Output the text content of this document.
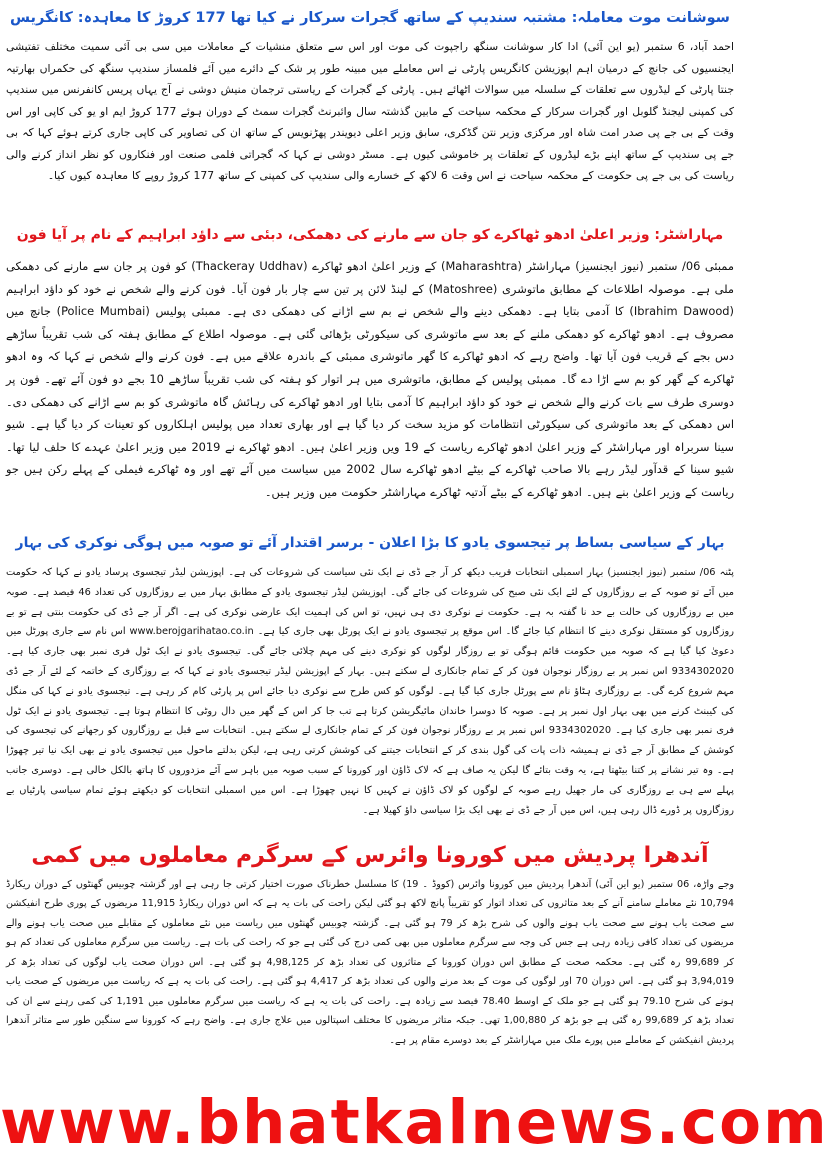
سوشانت موت معاملہ: مشتبہ سندیپ کے ساتھ گجرات سرکار نے کیا تھا 177 کروڑ کا معاہدہ: کانگریس

احمد آباد، 6 ستمبر (یو این آئی) ادا کار سوشانت سنگھ راجپوت کی موت اور اس سے متعلق منشیات کے معاملات میں سی بی آئی سمیت مختلف تفتیشی ایجنسیوں کی جانچ کے درمیان اہم اپوزیشن کانگریس پارٹی نے اس معاملے میں مبینہ طور پر شک کے دائرے میں آئے فلمساز سندیپ سنگھ کی حکمراں بھارتیہ جنتا پارٹی کے لیڈروں سے تعلقات کے سلسلہ میں سوالات اٹھائے ہیں۔ پارٹی کے گجرات کے ریاستی ترجمان منیش دوشی نے آج یہاں پریس کانفرنس میں سندیپ کی کمپنی لیجنڈ گلوبل اور گجرات سرکار کے محکمہ سیاحت کے مابین گذشتہ سال وائبرنٹ گجرات سمٹ کے دوران ہوئے 177 کروڑ ایم او یو کی کاپی اور اس وقت کے بی جے پی صدر امت شاہ اور مرکزی وزیر نتن گڈکری، سابق وزیر اعلی دیویندر پھڑنویس کے ساتھ ان کی تصاویر کی کاپی جاری کرتے ہوئے کہا کہ بی جے پی سندیپ کے ساتھ اپنے بڑے لیڈروں کے تعلقات پر خاموشی کیوں ہے۔ مسٹر دوشی نے کہا کہ گجراتی فلمی صنعت اور فنکاروں کو نظر انداز کرنے والی ریاست کی بی جے پی حکومت کے محکمہ سیاحت نے اس وقت 6 لاکھ کے خسارے والی سندیپ کی کمپنی کے ساتھ 177 کروڑ روپے کا معاہدہ کیوں کیا۔

مہاراشٹر: وزیر اعلیٰ ادھو ٹھاکرے کو جان سے مارنے کی دھمکی، دبئی سے داؤد ابراہیم کے نام پر آیا فون

ممبئی 06/ ستمبر (نیوز ایجنسیز) مہاراشٹر (Maharashtra) کے وزیر اعلیٰ ادھو ٹھاکرے (Thackeray Uddhav) کو فون پر جان سے مارنے کی دھمکی ملی ہے۔ موصولہ اطلاعات کے مطابق ماتوشری (Matoshree) کے لینڈ لائن پر تین سے چار بار فون آیا۔ فون کرنے والے شخص نے خود کو داؤد ابراہیم (Ibrahim Dawood) کا آدمی بتایا ہے۔ دھمکی دینے والے شخص نے بم سے اڑانے کی دھمکی دی ہے۔ ممبئی پولیس (Police Mumbai) جانچ میں مصروف ہے۔ ادھو ٹھاکرے کو دھمکی ملنے کے بعد سے ماتوشری کی سیکورٹی بڑھائی گئی ہے۔ موصولہ اطلاع کے مطابق ہفتہ کی شب تقریباً ساڑھے دس بجے کے قریب فون آیا تھا۔ واضح رہے کہ ادھو ٹھاکرے کا گھر ماتوشری ممبئی کے باندرہ علاقے میں ہے۔ فون کرنے والے شخص نے کہا کہ وہ ادھو ٹھاکرے کے گھر کو بم سے اڑا دے گا۔ ممبئی پولیس کے مطابق، ماتوشری میں ہر اتوار کو ہفتہ کی شب تقریباً ساڑھے 10 بجے دو فون آئے تھے۔ فون پر دوسری طرف سے بات کرنے والے شخص نے خود کو داؤد ابراہیم کا آدمی بتایا اور ادھو ٹھاکرے کی رہائش گاہ ماتوشری کو بم سے اڑانے کی دھمکی دی۔ اس دھمکی کے بعد ماتوشری کی سیکورٹی انتظامات کو مزید سخت کر دیا گیا ہے اور بھاری تعداد میں پولیس اہلکاروں کو تعینات کر دیا گیا ہے۔ شیو سینا سربراہ اور مہاراشٹر کے وزیر اعلیٰ ادھو ٹھاکرے ریاست کے 19 ویں وزیر اعلیٰ ہیں۔ ادھو ٹھاکرے نے 2019 میں وزیر اعلیٰ عہدے کا حلف لیا تھا۔ شیو سینا کے قدآور لیڈر رہے بالا صاحب ٹھاکرے کے بیٹے ادھو ٹھاکرے سال 2002 میں سیاست میں آئے تھے اور وہ ٹھاکرے فیملی کے پہلے رکن ہیں جو ریاست کے وزیر اعلیٰ بنے ہیں۔ ادھو ٹھاکرے کے بیٹے آدتیہ ٹھاکرے مہاراشٹر حکومت میں وزیر ہیں۔

بہار کے سیاسی بساط پر تیجسوی یادو کا بڑا اعلان - برسر اقتدار آئے تو صوبہ میں ہوگی نوکری کی بہار

پٹنہ 06/ ستمبر (نیوز ایجنسیز) بہار اسمبلی انتخابات قریب دیکھ کر آر جے ڈی نے ایک نئی سیاست کی شروعات کی ہے۔ اپوزیشن لیڈر تیجسوی پرساد یادو نے کہا کہ حکومت میں آئے تو صوبہ کے بے روزگاروں کے لئے ایک نئی صبح کی شروعات کی جائے گی۔ اپوزیشن لیڈر تیجسوی یادو کے مطابق بہار میں بے روزگاروں کی تعداد 46 فیصد ہے۔ صوبہ میں بے روزگاروں کی حالت بے حد نا گفتہ بہ ہے۔ حکومت نے نوکری دی ہی نہیں، تو اس کی اہمیت ایک عارضی نوکری کی ہے۔ اگر آر جے ڈی کی حکومت بنتی ہے تو بے روزگاروں کو مستقل نوکری دینے کا انتظام کیا جائے گا۔ اس موقع پر تیجسوی یادو نے ایک پورٹل بھی جاری کیا ہے۔ www.berojgarihatao.co.in اس نام سے جاری پورٹل میں دعویٰ کیا گیا ہے کہ صوبہ میں حکومت قائم ہوگی تو بے روزگار لوگوں کو نوکری دینے کی مہم چلائی جائے گی۔ تیجسوی یادو نے ایک ٹول فری نمبر بھی جاری کیا ہے۔ 9334302020 اس نمبر پر بے روزگار نوجوان فون کر کے تمام جانکاری لے سکتے ہیں۔ بہار کے اپوزیشن لیڈر تیجسوی یادو نے کہا کہ بے روزگاری کے خاتمہ کے لئے آر جے ڈی مہم شروع کرے گی۔ بے روزگاری ہٹاؤ نام سے پورٹل جاری کیا گیا ہے۔ لوگوں کو کس طرح سے نوکری دیا جائے اس پر پارٹی کام کر رہی ہے۔ تیجسوی یادو نے کہا کی منگل کی کیبنٹ کرنے میں بھی بہار اول نمبر پر ہے۔ صوبہ کا دوسرا خاندان مائیگریشن کرتا ہے تب جا کر اس کے گھر میں دال روٹی کا انتظام ہوتا ہے۔ تیجسوی یادو نے ایک ٹول فری نمبر بھی جاری کیا ہے۔ 9334302020 اس نمبر پر بے روزگار نوجوان فون کر کے تمام جانکاری لے سکتے ہیں۔ انتخابات سے قبل بے روزگاروں کو رجھانے کی تیجسوی کی کوشش کے مطابق آر جے ڈی نے ہمیشہ ذات پات کی گول بندی کر کے انتخابات جیتنے کی کوشش کرتی رہی ہے، لیکن بدلتے ماحول میں تیجسوی یادو نے بھی ایک نیا تیر چھوڑا ہے۔ وہ تیر نشانے پر کتنا بیٹھتا ہے، یہ وقت بتائے گا لیکن یہ صاف ہے کہ لاک ڈاؤن اور کورونا کے سبب صوبہ میں باہر سے آئے مزدوروں کا ہاتھ بالکل خالی ہے۔ دوسری جانب پہلے سے ہی بے روزگاری کی مار جھیل رہے صوبہ کے لوگوں کو لاک ڈاؤن نے کہیں کا نہیں چھوڑا ہے۔ اس میں اسمبلی انتخابات کو دیکھتے ہوئے تمام سیاسی پارٹیاں بے روزگاروں پر ڈورے ڈال رہی ہیں، اس میں آر جے ڈی نے بھی ایک بڑا سیاسی داؤ کھیلا ہے۔

آندھرا پردیش میں کورونا وائرس کے سرگرم معاملوں میں کمی

وجے واڑہ، 06 ستمبر (یو این آئی) آندھرا پردیش میں کورونا وائرس (کووڈ ۔ 19) کا مسلسل خطرناک صورت اختیار کرتی جا رہی ہے اور گزشتہ چوبیس گھنٹوں کے دوران ریکارڈ 10,794 نئے معاملے سامنے آنے کے بعد متاثروں کی تعداد اتوار کو تقریباً پانچ لاکھ ہو گئی لیکن راحت کی بات یہ ہے کہ اس دوران ریکارڈ 11,915 مریضوں کے پوری طرح انفیکشن سے صحت یاب ہونے سے صحت یاب ہونے والوں کی شرح بڑھ کر 79 ہو گئی ہے۔ گزشتہ چوبیس گھنٹوں میں ریاست میں نئے معاملوں کے مقابلے میں صحت یاب ہونے والے مریضوں کی تعداد کافی زیادہ رہی ہے جس کی وجہ سے سرگرم معاملوں میں بھی کمی درج کی گئی ہے جو کہ راحت کی بات ہے۔ ریاست میں سرگرم معاملوں کی تعداد کم ہو کر 99,689 رہ گئی ہے۔ محکمہ صحت کے مطابق اس دوران کورونا کے متاثروں کی تعداد بڑھ کر 4,98,125 ہو گئی ہے۔ اس دوران صحت یاب لوگوں کی تعداد بڑھ کر 3,94,019 ہو گئی ہے۔ اس دوران 70 اور لوگوں کی موت کے بعد مرنے والوں کی تعداد بڑھ کر 4,417 ہو گئی ہے۔ راحت کی بات یہ ہے کہ ریاست میں مریضوں کے صحت یاب ہونے کی شرح 79.10 ہو گئی ہے جو ملک کے اوسط 78.40 فیصد سے زیادہ ہے۔ راحت کی بات یہ ہے کہ ریاست میں سرگرم معاملوں میں 1,191 کی کمی رہنے سے ان کی تعداد بڑھ کر 99,689 رہ گئی ہے جو بڑھ کر 1,00,880 تھی۔ جبکہ متاثر مریضوں کا مختلف اسپتالوں میں علاج جاری ہے۔ واضح رہے کہ کورونا سے سنگین طور سے متاثر آندھرا پردیش انفیکشن کے معاملے میں پورے ملک میں مہاراشٹر کے بعد دوسرے مقام پر ہے۔

www.bhatkalnews.com
